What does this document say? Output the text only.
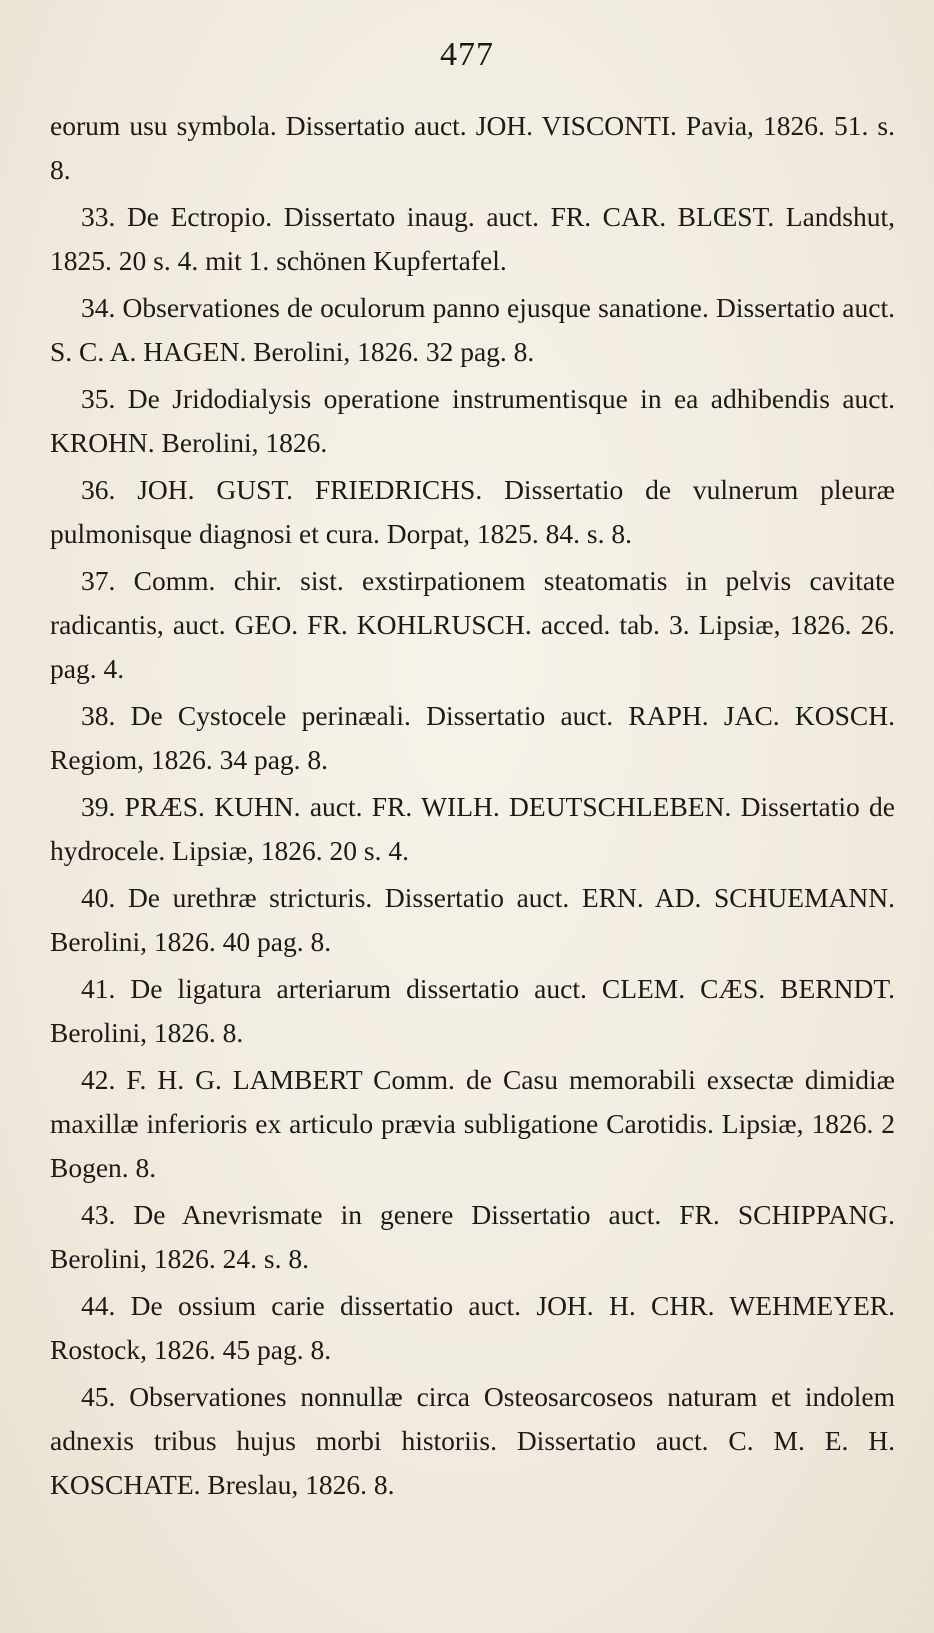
477

eorum usu symbola. Dissertatio auct. JOH. VISCONTI. Pavia, 1826. 51. s. 8.

33. De Ectropio. Dissertato inaug. auct. FR. CAR. BLŒST. Landshut, 1825. 20 s. 4. mit 1. schönen Kupfertafel.

34. Observationes de oculorum panno ejusque sanatione. Dissertatio auct. S. C. A. HAGEN. Berolini, 1826. 32 pag. 8.

35. De Jridodialysis operatione instrumentisque in ea adhibendis auct. KROHN. Berolini, 1826.

36. JOH. GUST. FRIEDRICHS. Dissertatio de vulnerum pleuræ pulmonisque diagnosi et cura. Dorpat, 1825. 84. s. 8.

37. Comm. chir. sist. exstirpationem steatomatis in pelvis cavitate radicantis, auct. GEO. FR. KOHLRUSCH. acced. tab. 3. Lipsiæ, 1826. 26. pag. 4.

38. De Cystocele perinæali. Dissertatio auct. RAPH. JAC. KOSCH. Regiom, 1826. 34 pag. 8.

39. PRÆS. KUHN. auct. FR. WILH. DEUTSCHLEBEN. Dissertatio de hydrocele. Lipsiæ, 1826. 20 s. 4.

40. De urethræ stricturis. Dissertatio auct. ERN. AD. SCHUEMANN. Berolini, 1826. 40 pag. 8.

41. De ligatura arteriarum dissertatio auct. CLEM. CÆS. BERNDT. Berolini, 1826. 8.

42. F. H. G. LAMBERT Comm. de Casu memorabili exsectæ dimidiæ maxillæ inferioris ex articulo prævia subligatione Carotidis. Lipsiæ, 1826. 2 Bogen. 8.

43. De Anevrismate in genere Dissertatio auct. FR. SCHIPPANG. Berolini, 1826. 24. s. 8.

44. De ossium carie dissertatio auct. JOH. H. CHR. WEHMEYER. Rostock, 1826. 45 pag. 8.

45. Observationes nonnullæ circa Osteosarcoseos naturam et indolem adnexis tribus hujus morbi historiis. Dissertatio auct. C. M. E. H. KOSCHATE. Breslau, 1826. 8.
